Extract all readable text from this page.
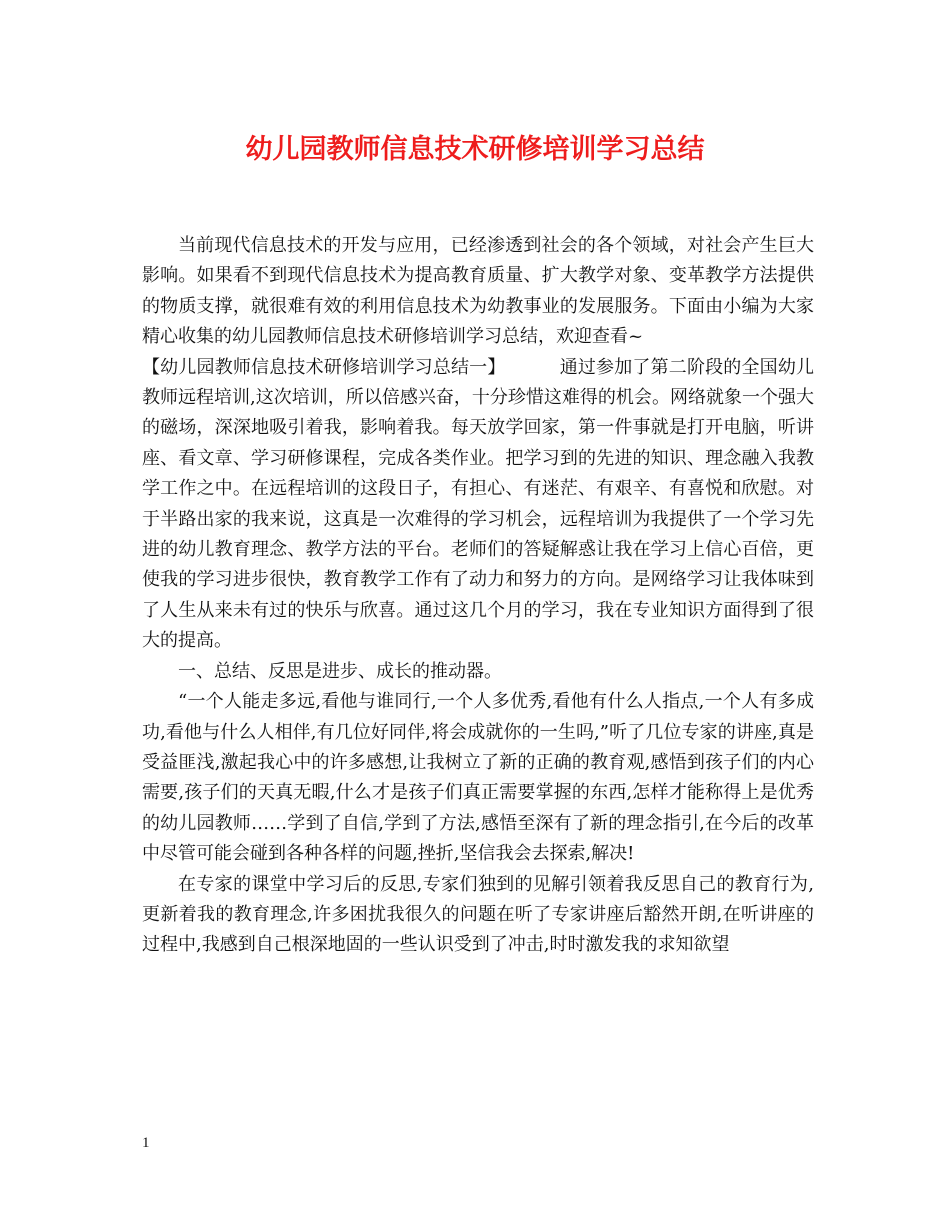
幼儿园教师信息技术研修培训学习总结

当前现代信息技术的开发与应用，已经渗透到社会的各个领域，对社会产生巨大影响。如果看不到现代信息技术为提高教育质量、扩大教学对象、变革教学方法提供的物质支撑，就很难有效的利用信息技术为幼教事业的发展服务。下面由小编为大家精心收集的幼儿园教师信息技术研修培训学习总结，欢迎查看~

【幼儿园教师信息技术研修培训学习总结一】   	通过参加了第二阶段的全国幼儿教师远程培训,这次培训，所以倍感兴奋，十分珍惜这难得的机会。网络就象一个强大的磁场，深深地吸引着我，影响着我。每天放学回家，第一件事就是打开电脑，听讲座、看文章、学习研修课程，完成各类作业。把学习到的先进的知识、理念融入我教学工作之中。在远程培训的这段日子，有担心、有迷茫、有艰辛、有喜悦和欣慰。对于半路出家的我来说，这真是一次难得的学习机会，远程培训为我提供了一个学习先进的幼儿教育理念、教学方法的平台。老师们的答疑解惑让我在学习上信心百倍，更使我的学习进步很快，教育教学工作有了动力和努力的方向。是网络学习让我体味到了人生从来未有过的快乐与欣喜。通过这几个月的学习，我在专业知识方面得到了很大的提高。

一、总结、反思是进步、成长的推动器。

“一个人能走多远,看他与谁同行,一个人多优秀,看他有什么人指点,一个人有多成功,看他与什么人相伴,有几位好同伴,将会成就你的一生吗,”听了几位专家的讲座,真是受益匪浅,激起我心中的许多感想,让我树立了新的正确的教育观,感悟到孩子们的内心需要,孩子们的天真无暇,什么才是孩子们真正需要掌握的东西,怎样才能称得上是优秀的幼儿园教师……学到了自信,学到了方法,感悟至深有了新的理念指引,在今后的改革中尽管可能会碰到各种各样的问题,挫折,坚信我会去探索,解决!

在专家的课堂中学习后的反思,专家们独到的见解引领着我反思自己的教育行为,更新着我的教育理念,许多困扰我很久的问题在听了专家讲座后豁然开朗,在听讲座的过程中,我感到自己根深地固的一些认识受到了冲击,时时激发我的求知欲望

1
